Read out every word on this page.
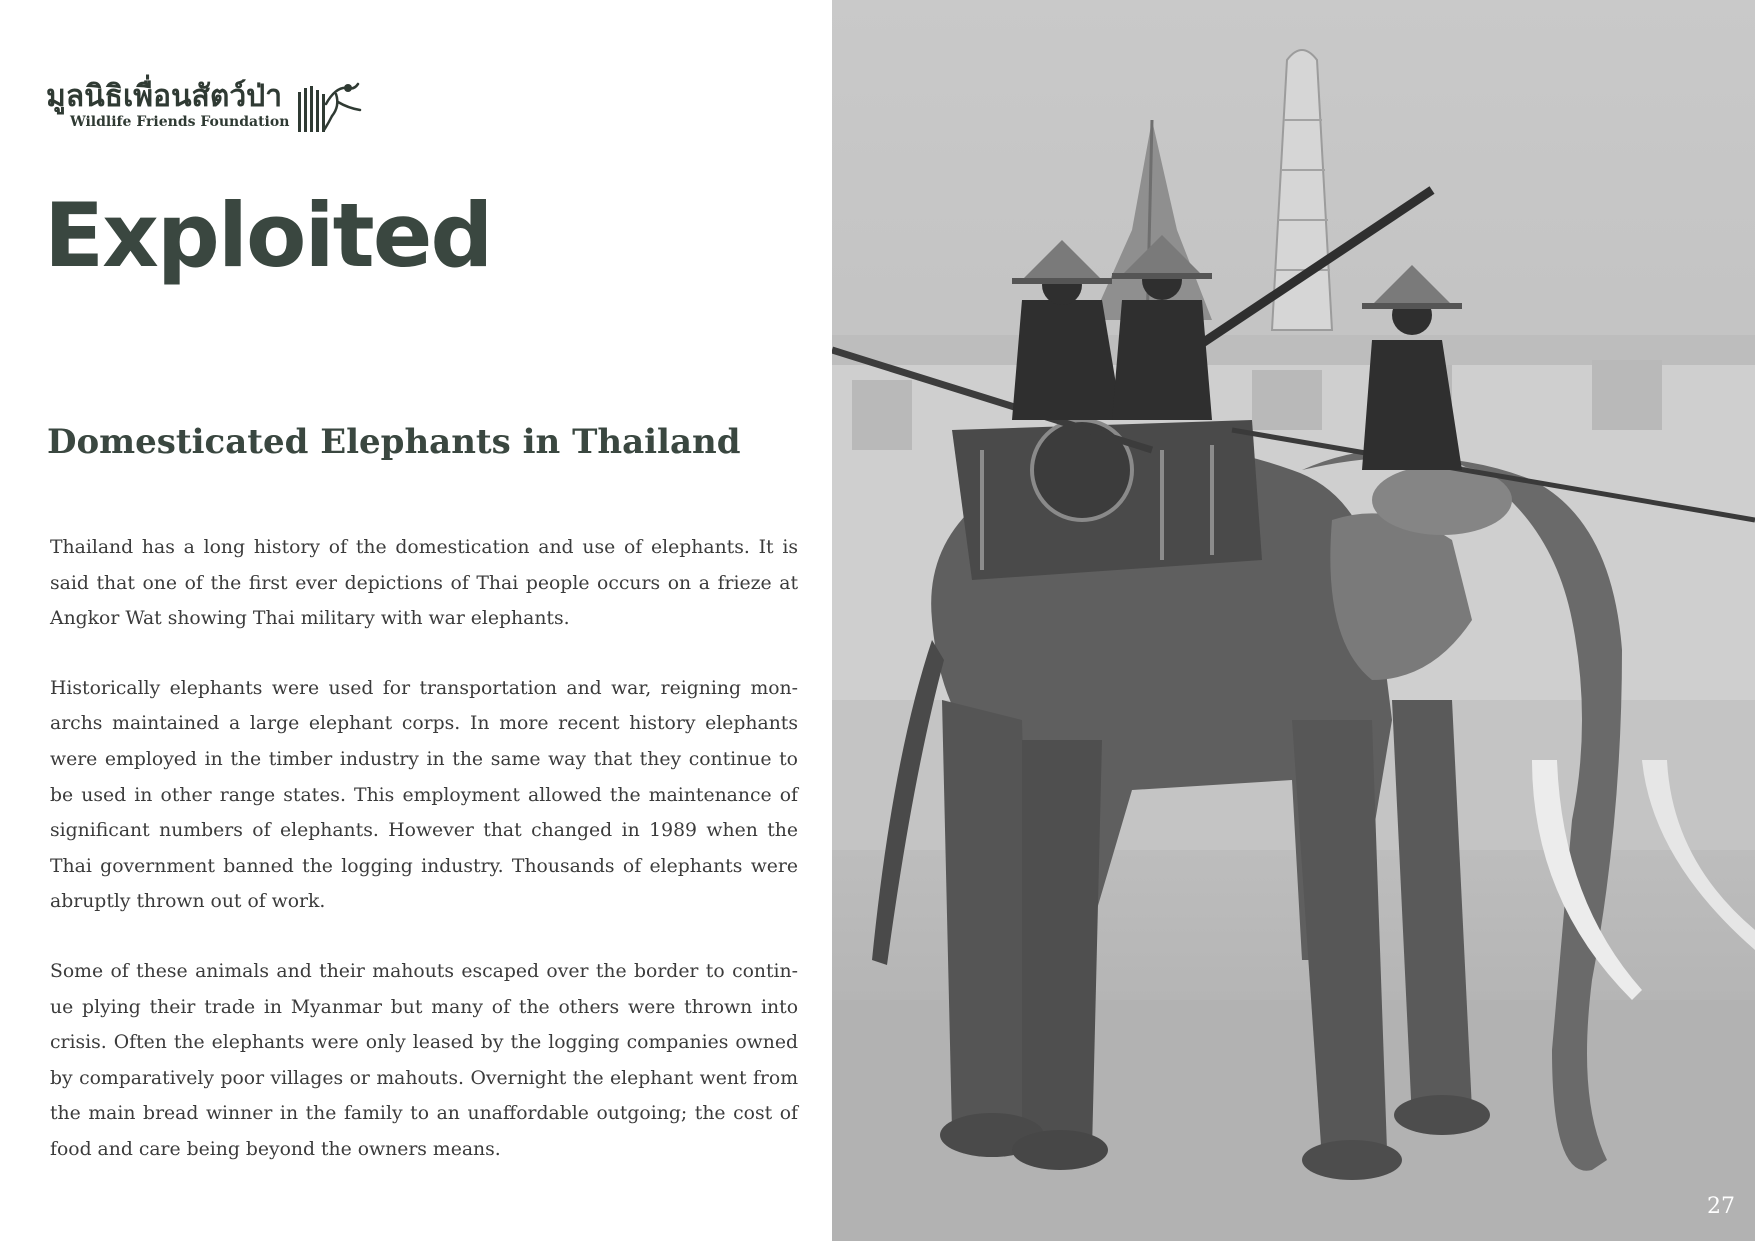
มูลนิธิเพื่อนสัตว์ป่า
Wildlife Friends Foundation
Exploited
Domesticated Elephants in Thailand

Thailand has a long history of the domestication and use of elephants. It is said that one of the first ever depictions of Thai people occurs on a frieze at Angkor Wat showing Thai military with war elephants.

Historically elephants were used for transportation and war, reigning mon-archs maintained a large elephant corps. In more recent history elephants were employed in the timber industry in the same way that they continue to be used in other range states. This employment allowed the maintenance of significant numbers of elephants. However that changed in 1989 when the Thai government banned the logging industry. Thousands of elephants were abruptly thrown out of work.

Some of these animals and their mahouts escaped over the border to contin-ue plying their trade in Myanmar but many of the others were thrown into crisis. Often the elephants were only leased by the logging companies owned by comparatively poor villages or mahouts. Overnight the elephant went from the main bread winner in the family to an unaffordable outgoing; the cost of food and care being beyond the owners means.

27
